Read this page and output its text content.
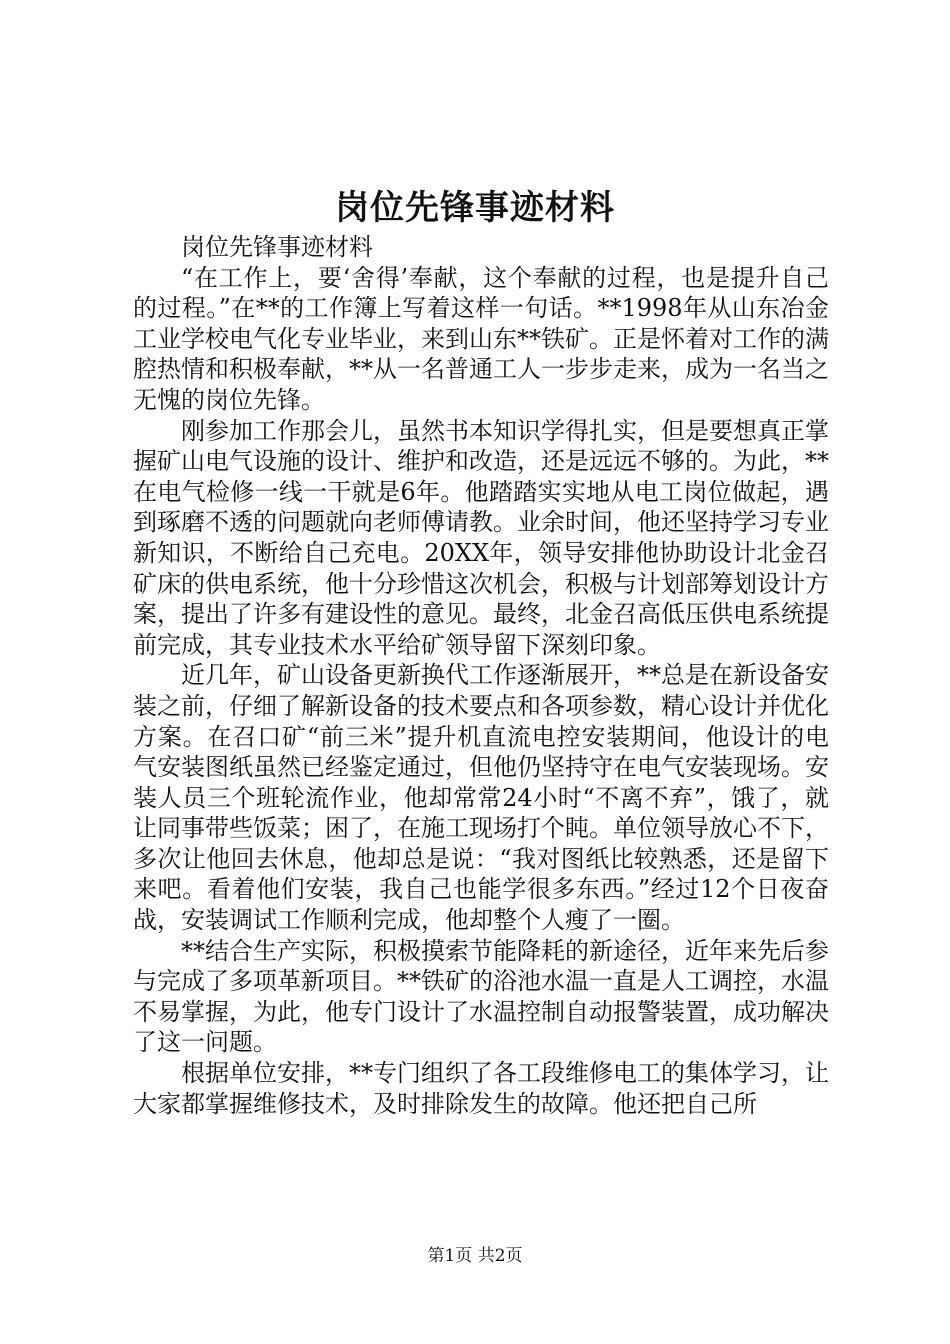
岗位先锋事迹材料

岗位先锋事迹材料

“在工作上，要‘舍得’奉献，这个奉献的过程，也是提升自己的过程。”在**的工作簿上写着这样一句话。**1998年从山东冶金工业学校电气化专业毕业，来到山东**铁矿。正是怀着对工作的满腔热情和积极奉献，**从一名普通工人一步步走来，成为一名当之无愧的岗位先锋。

刚参加工作那会儿，虽然书本知识学得扎实，但是要想真正掌握矿山电气设施的设计、维护和改造，还是远远不够的。为此，**在电气检修一线一干就是6年。他踏踏实实地从电工岗位做起，遇到琢磨不透的问题就向老师傅请教。业余时间，他还坚持学习专业新知识，不断给自己充电。20XX年，领导安排他协助设计北金召矿床的供电系统，他十分珍惜这次机会，积极与计划部筹划设计方案，提出了许多有建设性的意见。最终，北金召高低压供电系统提前完成，其专业技术水平给矿领导留下深刻印象。

近几年，矿山设备更新换代工作逐渐展开，**总是在新设备安装之前，仔细了解新设备的技术要点和各项参数，精心设计并优化方案。在召口矿“前三米”提升机直流电控安装期间，他设计的电气安装图纸虽然已经鉴定通过，但他仍坚持守在电气安装现场。安装人员三个班轮流作业，他却常常24小时“不离不弃”，饿了，就让同事带些饭菜；困了，在施工现场打个盹。单位领导放心不下，多次让他回去休息，他却总是说：“我对图纸比较熟悉，还是留下来吧。看着他们安装，我自己也能学很多东西。”经过12个日夜奋战，安装调试工作顺利完成，他却整个人瘦了一圈。

**结合生产实际，积极摸索节能降耗的新途径，近年来先后参与完成了多项革新项目。**铁矿的浴池水温一直是人工调控，水温不易掌握，为此，他专门设计了水温控制自动报警装置，成功解决了这一问题。

根据单位安排，**专门组织了各工段维修电工的集体学习，让大家都掌握维修技术，及时排除发生的故障。他还把自己所

第1页 共2页
